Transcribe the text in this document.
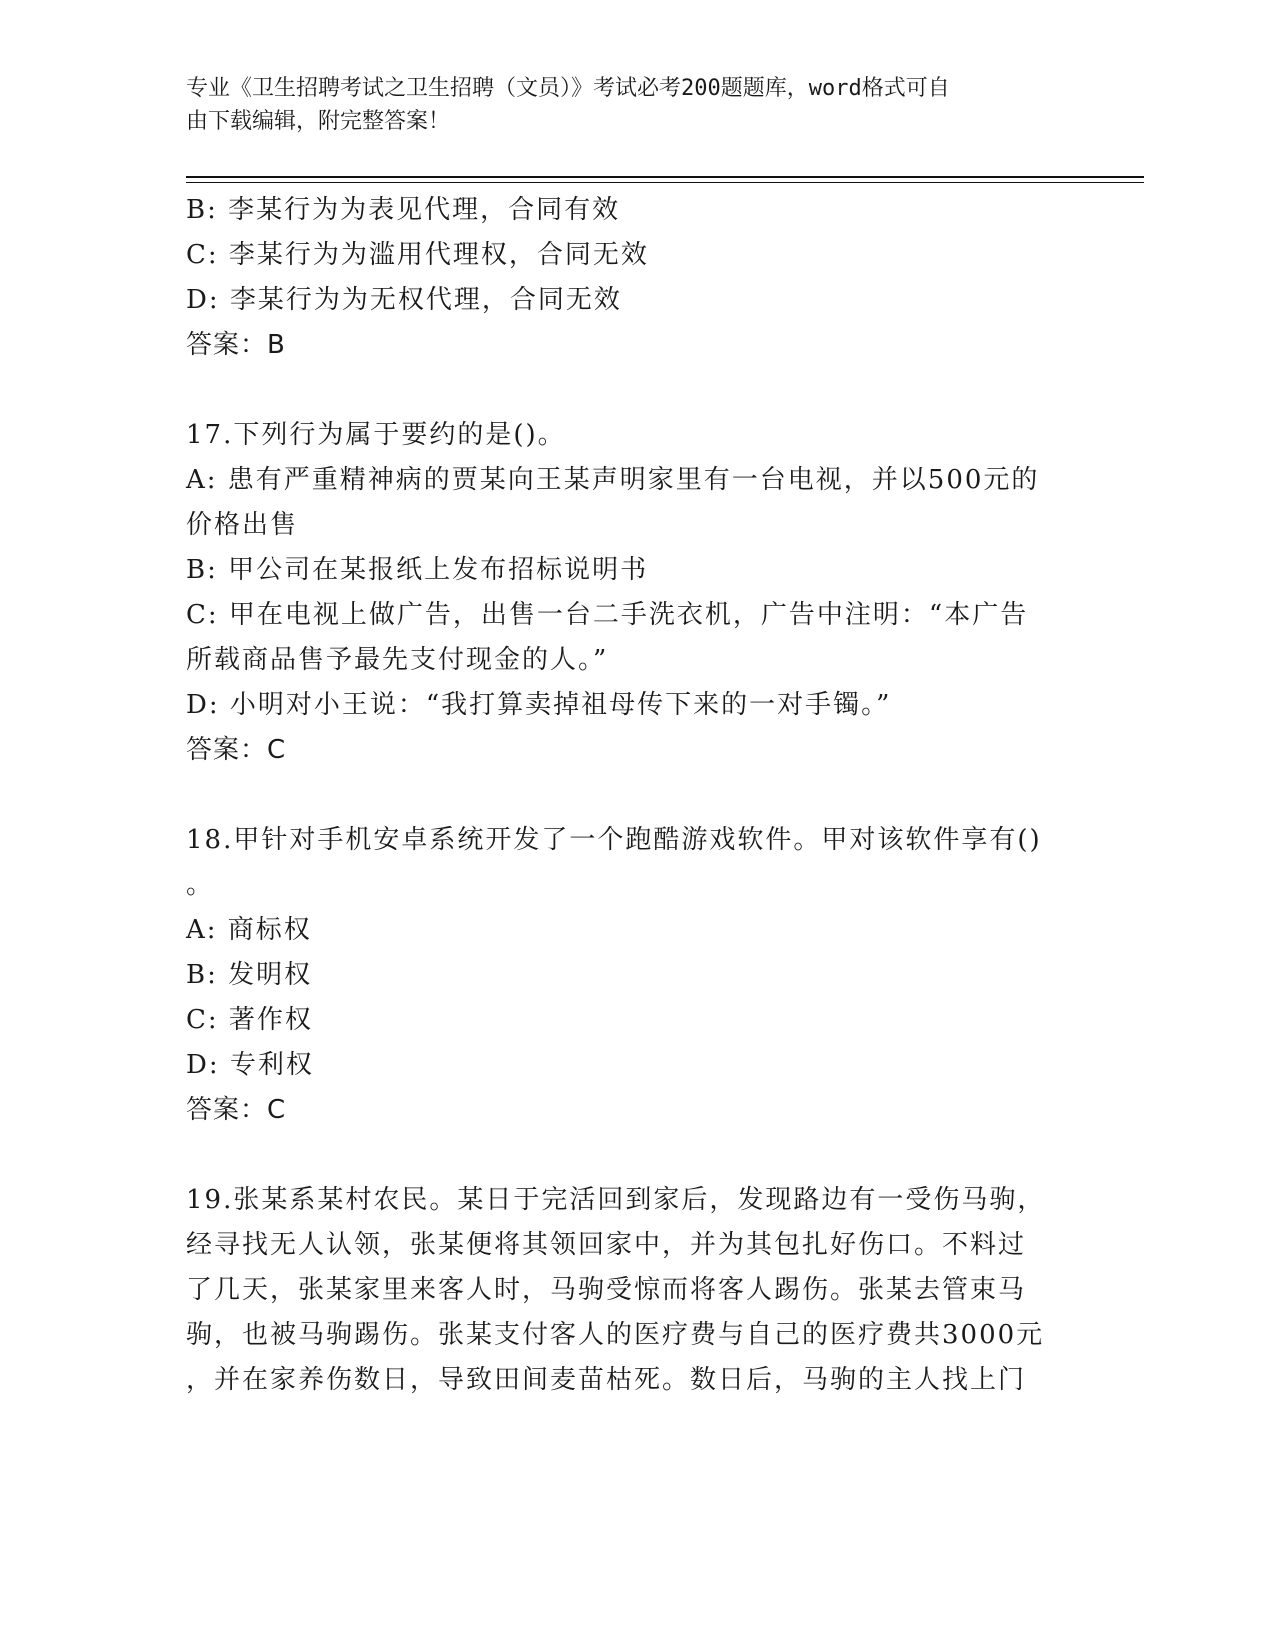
专业《卫生招聘考试之卫生招聘（文员）》考试必考200题题库，word格式可自
由下载编辑，附完整答案！
B: 李某行为为表见代理，合同有效
C: 李某行为为滥用代理权，合同无效
D: 李某行为为无权代理，合同无效
答案：B
17.下列行为属于要约的是()。
A: 患有严重精神病的贾某向王某声明家里有一台电视，并以500元的
价格出售
B: 甲公司在某报纸上发布招标说明书
C: 甲在电视上做广告，出售一台二手洗衣机，广告中注明：“本广告
所载商品售予最先支付现金的人。”
D: 小明对小王说：“我打算卖掉祖母传下来的一对手镯。”
答案：C
18.甲针对手机安卓系统开发了一个跑酷游戏软件。甲对该软件享有()
。
A: 商标权
B: 发明权
C: 著作权
D: 专利权
答案：C
19.张某系某村农民。某日于完活回到家后，发现路边有一受伤马驹，
经寻找无人认领，张某便将其领回家中，并为其包扎好伤口。不料过
了几天，张某家里来客人时，马驹受惊而将客人踢伤。张某去管束马
驹，也被马驹踢伤。张某支付客人的医疗费与自己的医疗费共3000元
，并在家养伤数日，导致田间麦苗枯死。数日后，马驹的主人找上门
